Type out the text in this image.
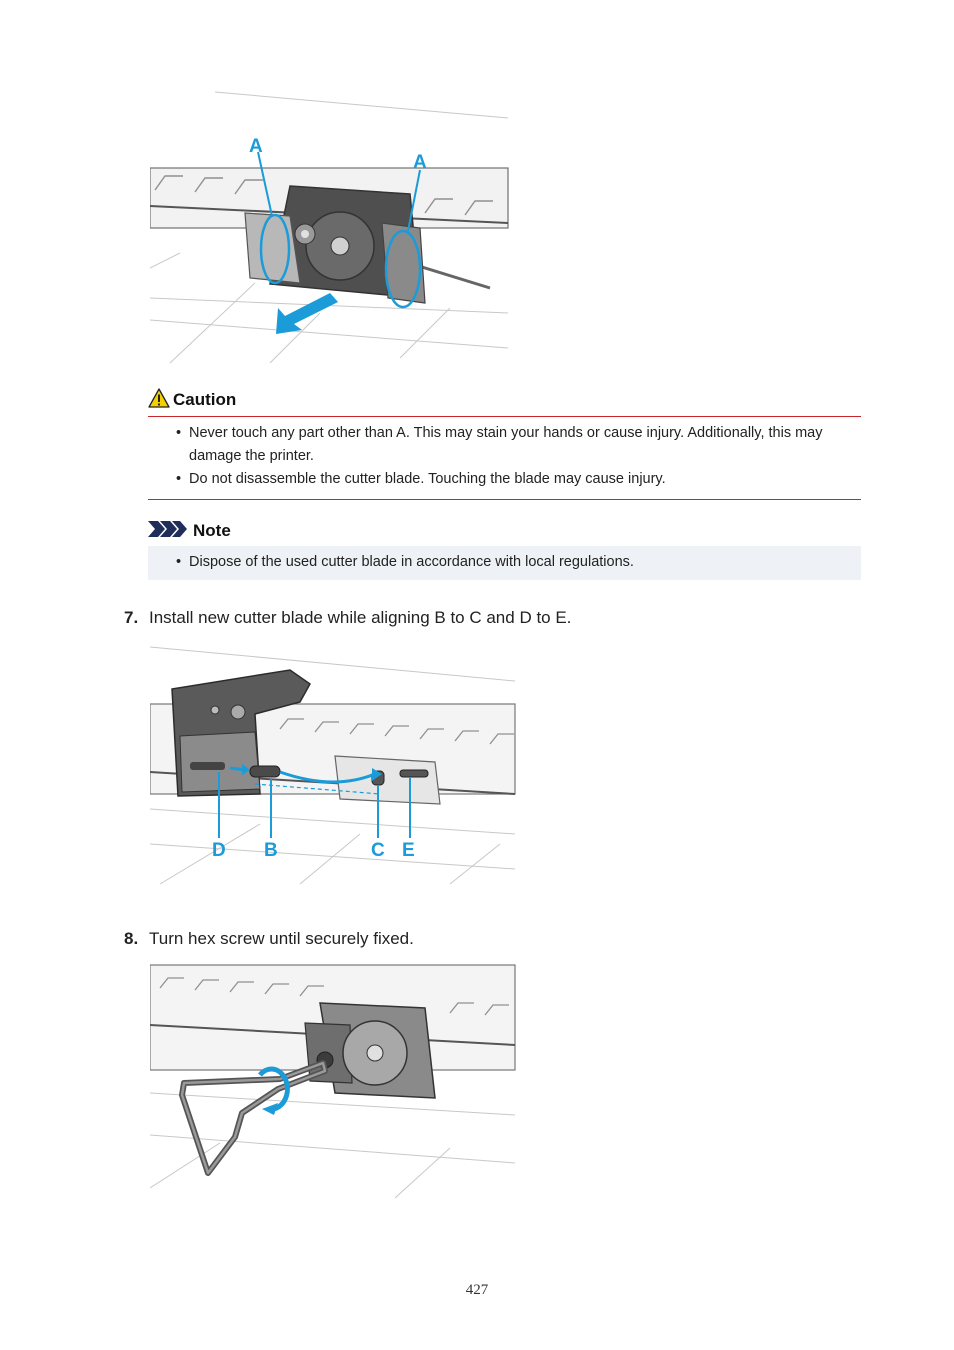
A
A
Caution
• Never touch any part other than A. This may stain your hands or cause injury. Additionally, this may damage the printer.
• Do not disassemble the cutter blade. Touching the blade may cause injury.
Note
• Dispose of the used cutter blade in accordance with local regulations.
7. Install new cutter blade while aligning B to C and D to E.
D B	C E
8. Turn hex screw until securely fixed.
427
